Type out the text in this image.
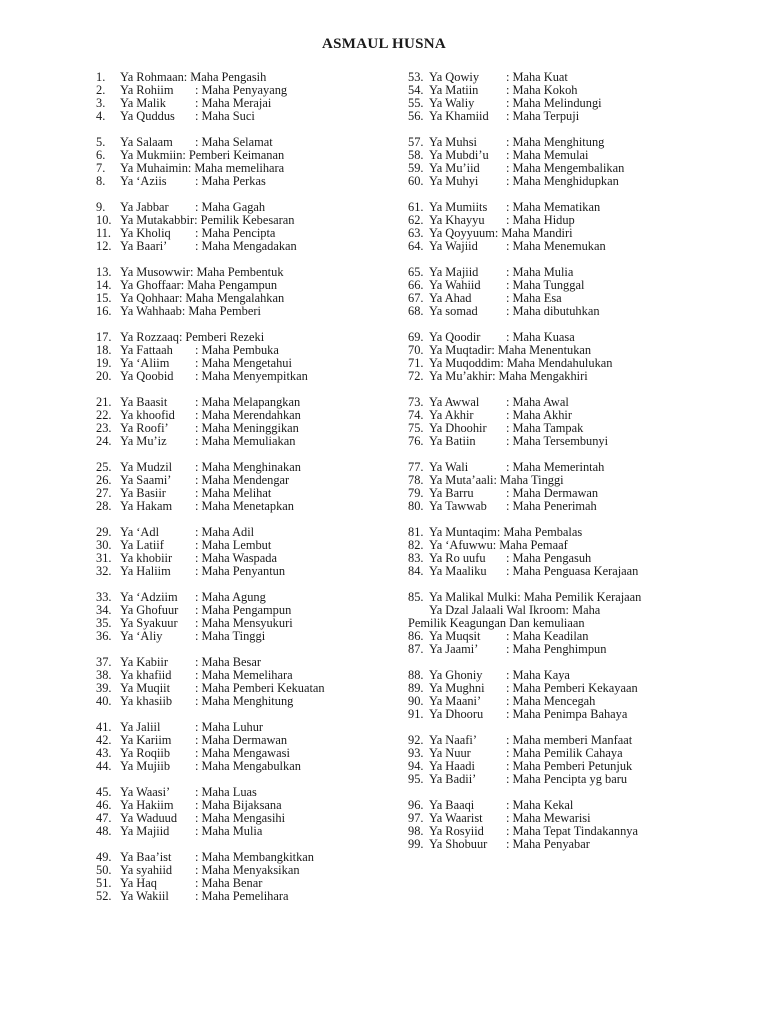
ASMAUL HUSNA
1.	Ya Rohmaan: Maha Pengasih
2.	Ya Rohiim	: Maha Penyayang
3.	Ya Malik	: Maha Merajai
4.	Ya Quddus	: Maha Suci
5.	Ya Salaam	: Maha Selamat
6.	Ya Mukmiin: Pemberi Keimanan
7.	Ya Muhaimin: Maha memelihara
8.	Ya ‘Aziis	: Maha Perkas
9.	Ya Jabbar	: Maha Gagah
10. Ya Mutakabbir: Pemilik Kebesaran
11. Ya Kholiq	: Maha Pencipta
12. Ya Baari’	: Maha Mengadakan
13. Ya Musowwir: Maha Pembentuk
14. Ya Ghoffaar: Maha Pengampun
15. Ya Qohhaar: Maha Mengalahkan
16. Ya Wahhaab: Maha Pemberi
17. Ya Rozzaaq: Pemberi Rezeki
18. Ya Fattaah	: Maha Pembuka
19. Ya ‘Aliim	: Maha Mengetahui
20. Ya Qoobid	: Maha Menyempitkan
21. Ya Baasit	: Maha Melapangkan
22. Ya khoofid	: Maha Merendahkan
23. Ya Roofi’	: Maha Meninggikan
24. Ya Mu’iz	: Maha Memuliakan
25. Ya Mudzil	: Maha Menghinakan
26. Ya Saami’	: Maha Mendengar
27. Ya Basiir	: Maha Melihat
28. Ya Hakam	: Maha Menetapkan
29. Ya ‘Adl	: Maha Adil
30. Ya Latiif	: Maha Lembut
31. Ya khobiir	: Maha Waspada
32. Ya Haliim	: Maha Penyantun
33. Ya ‘Adziim	: Maha Agung
34. Ya Ghofuur	: Maha Pengampun
35. Ya Syakuur	: Maha Mensyukuri
36. Ya ‘Aliy	: Maha Tinggi
37. Ya Kabiir	: Maha Besar
38. Ya khafiid	: Maha Memelihara
39. Ya Muqiit	: Maha Pemberi Kekuatan
40. Ya khasiib	: Maha Menghitung
41. Ya Jaliil	: Maha Luhur
42. Ya Kariim	: Maha Dermawan
43. Ya Roqiib	: Maha Mengawasi
44. Ya Mujiib	: Maha Mengabulkan
45. Ya Waasi’	: Maha Luas
46. Ya Hakiim	: Maha Bijaksana
47. Ya Waduud	: Maha Mengasihi
48. Ya Majiid	: Maha Mulia
49. Ya Baa’ist	: Maha Membangkitkan
50. Ya syahiid	: Maha Menyaksikan
51. Ya Haq	: Maha Benar
52. Ya Wakiil	: Maha Pemelihara
53. Ya Qowiy	: Maha Kuat
54. Ya Matiin	: Maha Kokoh
55. Ya Waliy	: Maha Melindungi
56. Ya Khamiid	: Maha Terpuji
57. Ya Muhsi	: Maha Menghitung
58. Ya Mubdi’u	: Maha Memulai
59. Ya Mu’iid	: Maha Mengembalikan
60. Ya Muhyi	: Maha Menghidupkan
61. Ya Mumiits	: Maha Mematikan
62. Ya Khayyu	: Maha Hidup
63. Ya Qoyyuum: Maha Mandiri
64. Ya Wajiid	: Maha Menemukan
65. Ya Majiid	: Maha Mulia
66. Ya Wahiid	: Maha Tunggal
67. Ya Ahad	: Maha Esa
68. Ya somad	: Maha dibutuhkan
69. Ya Qoodir	: Maha Kuasa
70. Ya Muqtadir: Maha Menentukan
71. Ya Muqoddim: Maha Mendahulukan
72. Ya Mu’akhir: Maha Mengakhiri
73. Ya Awwal	: Maha Awal
74. Ya Akhir	: Maha Akhir
75. Ya Dhoohir	: Maha Tampak
76. Ya Batiin	: Maha Tersembunyi
77. Ya Wali	: Maha Memerintah
78. Ya Muta’aali: Maha Tinggi
79. Ya Barru	: Maha Dermawan
80. Ya Tawwab	: Maha Penerimah
81. Ya Muntaqim: Maha Pembalas
82. Ya ‘Afuwwu: Maha Pemaaf
83. Ya Ro uufu	: Maha Pengasuh
84. Ya Maaliku	: Maha Penguasa Kerajaan
85. Ya Malikal Mulki: Maha Pemilik Kerajaan
Ya Dzal Jalaali Wal Ikroom: Maha
Pemilik Keagungan Dan kemuliaan
86. Ya Muqsit	: Maha Keadilan
87. Ya Jaami’	: Maha Penghimpun
88. Ya Ghoniy	: Maha Kaya
89. Ya Mughni	: Maha Pemberi Kekayaan
90. Ya Maani’	: Maha Mencegah
91. Ya Dhooru	: Maha Penimpa Bahaya
92. Ya Naafi’	: Maha memberi Manfaat
93. Ya Nuur	: Maha Pemilik Cahaya
94. Ya Haadi	: Maha Pemberi Petunjuk
95. Ya Badii’	: Maha Pencipta yg baru
96. Ya Baaqi	: Maha Kekal
97. Ya Waarist	: Maha Mewarisi
98. Ya Rosyiid	: Maha Tepat Tindakannya
99. Ya Shobuur	: Maha Penyabar
